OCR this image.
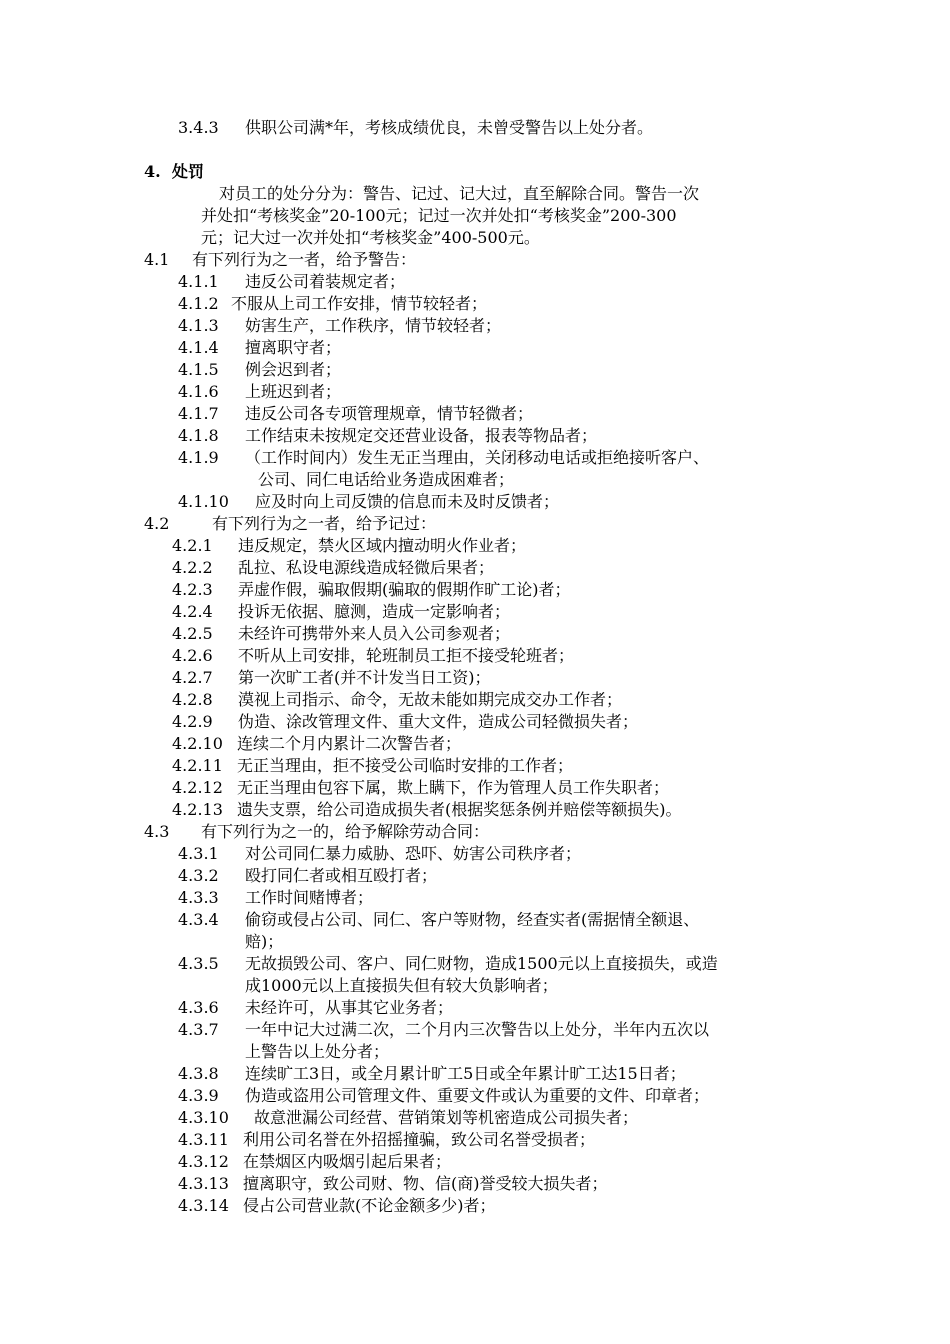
3.4.3 供职公司满*年，考核成绩优良，未曾受警告以上处分者。
4. 处罚
对员工的处分分为：警告、记过、记大过，直至解除合同。警告一次
并处扣“考核奖金”20-100元；记过一次并处扣“考核奖金”200-300
元；记大过一次并处扣“考核奖金”400-500元。
4.1 有下列行为之一者，给予警告：
4.1.1 违反公司着装规定者；
4.1.2 不服从上司工作安排，情节较轻者；
4.1.3 妨害生产，工作秩序，情节较轻者；
4.1.4 擅离职守者；
4.1.5 例会迟到者；
4.1.6 上班迟到者；
4.1.7 违反公司各专项管理规章，情节轻微者；
4.1.8 工作结束未按规定交还营业设备，报表等物品者；
4.1.9 （工作时间内）发生无正当理由，关闭移动电话或拒绝接听客户、
公司、同仁电话给业务造成困难者；
4.1.10 应及时向上司反馈的信息而未及时反馈者；
4.2	有下列行为之一者，给予记过：
4.2.1 违反规定，禁火区域内擅动明火作业者；
4.2.2 乱拉、私设电源线造成轻微后果者；
4.2.3 弄虚作假，骗取假期(骗取的假期作旷工论)者；
4.2.4 投诉无依据、臆测，造成一定影响者；
4.2.5 未经许可携带外来人员入公司参观者；
4.2.6 不听从上司安排，轮班制员工拒不接受轮班者；
4.2.7 第一次旷工者(并不计发当日工资)；
4.2.8 漠视上司指示、命令，无故未能如期完成交办工作者；
4.2.9 伪造、涂改管理文件、重大文件，造成公司轻微损失者；
4.2.10 连续二个月内累计二次警告者；
4.2.11 无正当理由，拒不接受公司临时安排的工作者；
4.2.12 无正当理由包容下属，欺上瞒下，作为管理人员工作失职者；
4.2.13 遗失支票，给公司造成损失者(根据奖惩条例并赔偿等额损失)。
4.3 有下列行为之一的，给予解除劳动合同：
4.3.1 对公司同仁暴力威胁、恐吓、妨害公司秩序者；
4.3.2 殴打同仁者或相互殴打者；
4.3.3 工作时间赌博者；
4.3.4 偷窃或侵占公司、同仁、客户等财物，经查实者(需据情全额退、
赔)；
4.3.5 无故损毁公司、客户、同仁财物，造成1500元以上直接损失，或造
成1000元以上直接损失但有较大负影响者；
4.3.6 未经许可，从事其它业务者；
4.3.7 一年中记大过满二次，二个月内三次警告以上处分，半年内五次以
上警告以上处分者；
4.3.8 连续旷工3日，或全月累计旷工5日或全年累计旷工达15日者；
4.3.9 伪造或盗用公司管理文件、重要文件或认为重要的文件、印章者；
4.3.10 故意泄漏公司经营、营销策划等机密造成公司损失者；
4.3.11 利用公司名誉在外招摇撞骗，致公司名誉受损者；
4.3.12 在禁烟区内吸烟引起后果者；
4.3.13 擅离职守，致公司财、物、信(商)誉受较大损失者；
4.3.14 侵占公司营业款(不论金额多少)者；
